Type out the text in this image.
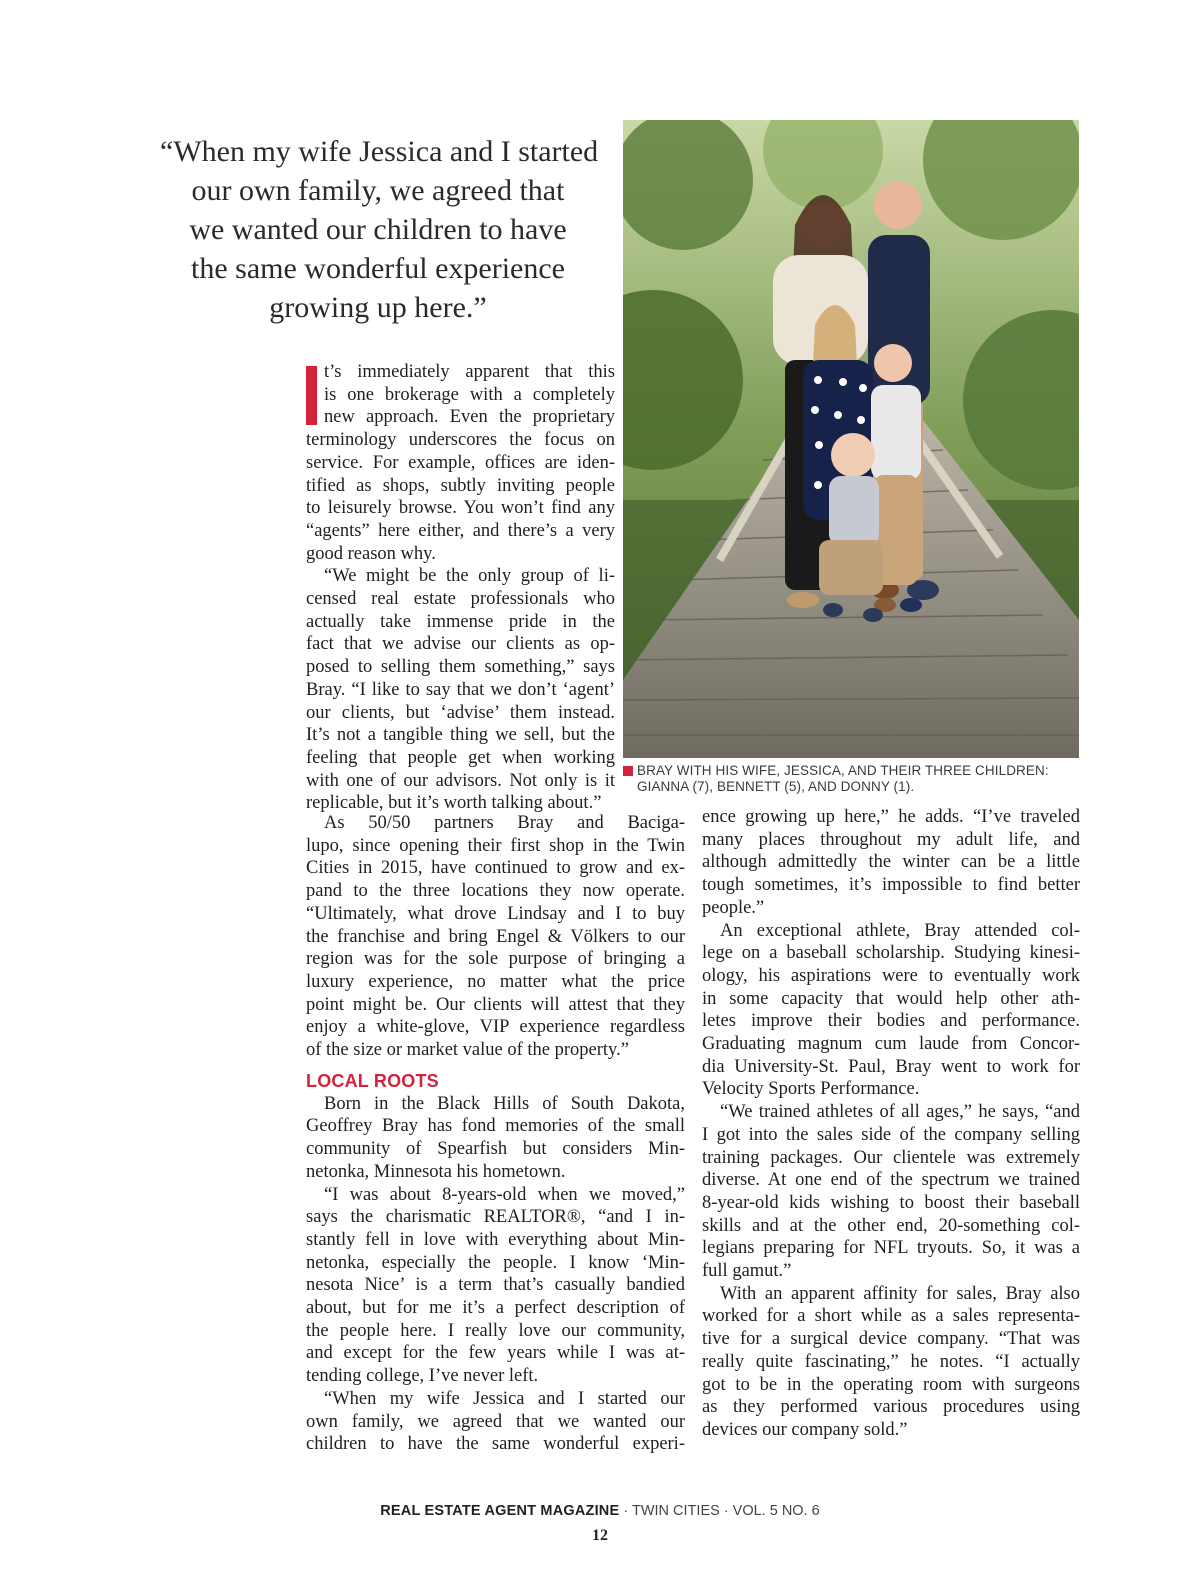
“When my wife Jessica and I started
our own family, we agreed that
we wanted our children to have
the same wonderful experience
growing up here.”
BRAY WITH HIS WIFE, JESSICA, AND THEIR THREE CHILDREN:
GIANNA (7), BENNETT (5), AND DONNY (1).

t’s immediately apparent that this
is one brokerage with a completely
new approach. Even the proprietary
terminology underscores the focus on
service. For example, offices are iden-
tified as shops, subtly inviting people
to leisurely browse. You won’t find any
“agents” here either, and there’s a very
good reason why.

“We might be the only group of li-
censed real estate professionals who
actually take immense pride in the
fact that we advise our clients as op-
posed to selling them something,” says
Bray. “I like to say that we don’t ‘agent’
our clients, but ‘advise’ them instead.
It’s not a tangible thing we sell, but the
feeling that people get when working
with one of our advisors. Not only is it
replicable, but it’s worth talking about.”

As 50/50 partners Bray and Baciga-
lupo, since opening their first shop in the Twin
Cities in 2015, have continued to grow and ex-
pand to the three locations they now operate.
“Ultimately, what drove Lindsay and I to buy
the franchise and bring Engel & Völkers to our
region was for the sole purpose of bringing a
luxury experience, no matter what the price
point might be. Our clients will attest that they
enjoy a white-glove, VIP experience regardless
of the size or market value of the property.”

LOCAL ROOTS

Born in the Black Hills of South Dakota,
Geoffrey Bray has fond memories of the small
community of Spearfish but considers Min-
netonka, Minnesota his hometown.

“I was about 8-years-old when we moved,”
says the charismatic REALTOR®, “and I in-
stantly fell in love with everything about Min-
netonka, especially the people. I know ‘Min-
nesota Nice’ is a term that’s casually bandied
about, but for me it’s a perfect description of
the people here. I really love our community,
and except for the few years while I was at-
tending college, I’ve never left.

“When my wife Jessica and I started our
own family, we agreed that we wanted our
children to have the same wonderful experi-

ence growing up here,” he adds. “I’ve traveled
many places throughout my adult life, and
although admittedly the winter can be a little
tough sometimes, it’s impossible to find better
people.”

An exceptional athlete, Bray attended col-
lege on a baseball scholarship. Studying kinesi-
ology, his aspirations were to eventually work
in some capacity that would help other ath-
letes improve their bodies and performance.
Graduating magnum cum laude from Concor-
dia University-St. Paul, Bray went to work for
Velocity Sports Performance.

“We trained athletes of all ages,” he says, “and
I got into the sales side of the company selling
training packages. Our clientele was extremely
diverse. At one end of the spectrum we trained
8-year-old kids wishing to boost their baseball
skills and at the other end, 20-something col-
legians preparing for NFL tryouts. So, it was a
full gamut.”

With an apparent affinity for sales, Bray also
worked for a short while as a sales representa-
tive for a surgical device company. “That was
really quite fascinating,” he notes. “I actually
got to be in the operating room with surgeons
as they performed various procedures using
devices our company sold.”

REAL ESTATE AGENT MAGAZINE · TWIN CITIES · VOL. 5 NO. 6
12
